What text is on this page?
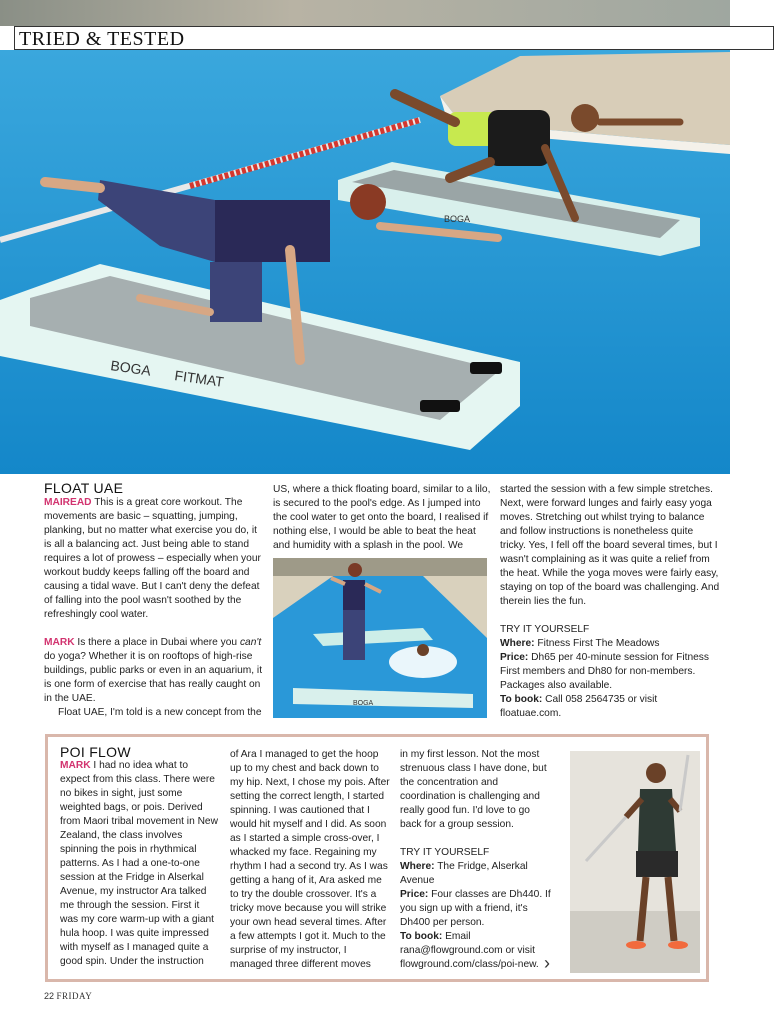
TRIED & TESTED
BOGA
BOGA FITMAT

FLOAT UAE

MAIREAD This is a great core workout. The movements are basic – squatting, jumping, planking, but no matter what exercise you do, it is all a balancing act. Just being able to stand requires a lot of prowess – especially when your workout buddy keeps falling off the board and causing a tidal wave. But I can't deny the defeat of falling into the pool wasn't soothed by the refreshingly cool water.

MARK Is there a place in Dubai where you can't do yoga? Whether it is on rooftops of high-rise buildings, public parks or even in an aquarium, it is one form of exercise that has really caught on in the UAE.

Float UAE, I'm told is a new concept from the

US, where a thick floating board, similar to a lilo, is secured to the pool's edge. As I jumped into the cool water to get onto the board, I realised if nothing else, I would be able to beat the heat and humidity with a splash in the pool. We

BOGA

started the session with a few simple stretches. Next, were forward lunges and fairly easy yoga moves. Stretching out whilst trying to balance and follow instructions is nonetheless quite tricky. Yes, I fell off the board several times, but I wasn't complaining as it was quite a relief from the heat. While the yoga moves were fairly easy, staying on top of the board was challenging. And therein lies the fun.

TRY IT YOURSELF

Where: Fitness First The Meadows

Price: Dh65 per 40-minute session for Fitness First members and Dh80 for non-members. Packages also available.

To book: Call 058 2564735 or visit floatuae.com.

POI FLOW

MARK I had no idea what to expect from this class. There were no bikes in sight, just some weighted bags, or pois. Derived from Maori tribal movement in New Zealand, the class involves spinning the pois in rhythmical patterns. As I had a one-to-one session at the Fridge in Alserkal Avenue, my instructor Ara talked me through the session. First it was my core warm-up with a giant hula hoop. I was quite impressed with myself as I managed quite a good spin. Under the instruction

of Ara I managed to get the hoop up to my chest and back down to my hip. Next, I chose my pois. After setting the correct length, I started spinning. I was cautioned that I would hit myself and I did. As soon as I started a simple cross-over, I whacked my face. Regaining my rhythm I had a second try. As I was getting a hang of it, Ara asked me to try the double crossover. It's a tricky move because you will strike your own head several times. After a few attempts I got it. Much to the surprise of my instructor, I managed three different moves

in my first lesson. Not the most strenuous class I have done, but the concentration and coordination is challenging and really good fun. I'd love to go back for a group session.

TRY IT YOURSELF

Where: The Fridge, Alserkal Avenue

Price: Four classes are Dh440. If you sign up with a friend, it's Dh400 per person.

To book: Email rana@flowground.com or visit flowground.com/class/poi-new. ›
22 FRIDAY
